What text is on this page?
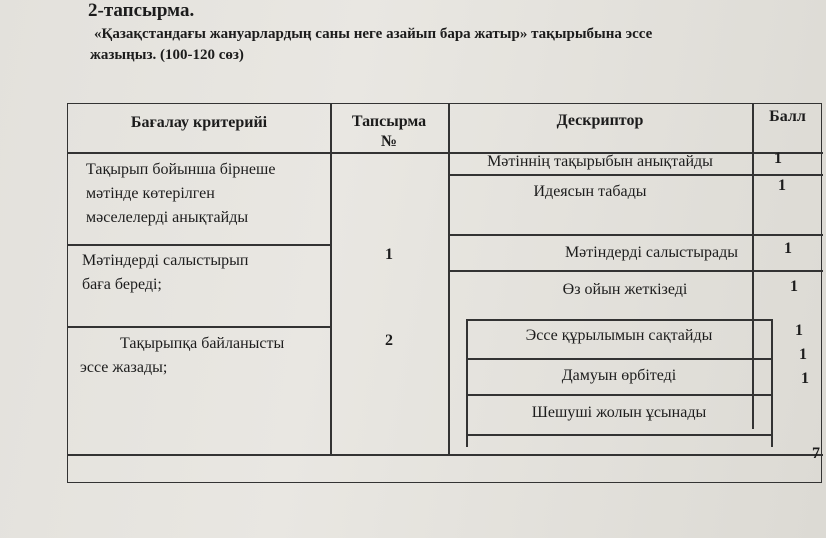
2-тапсырма.
«Қазақстандағы жануарлардың саны неге азайып бара жатыр» тақырыбына эссе
жазыңыз. (100-120 сөз)
Бағалау критерийі	Тапсырма
№
Дескриптор	Балл
Тақырып бойынша бірнеше
мәтінде көтерілген
мәселелерді анықтайды
Мәтіндерді салыстырып
баға береді;
Тақырыпқа байланысты
эссе жазады;
1
2
Мәтіннің тақырыбын анықтайды
Идеясын табады
Мәтіндерді салыстырады
Өз ойын жеткізеді
Эссе құрылымын сақтайды
Дамуын өрбітеді
Шешуші жолын ұсынады
1
1
1
1
1
1
1
7
